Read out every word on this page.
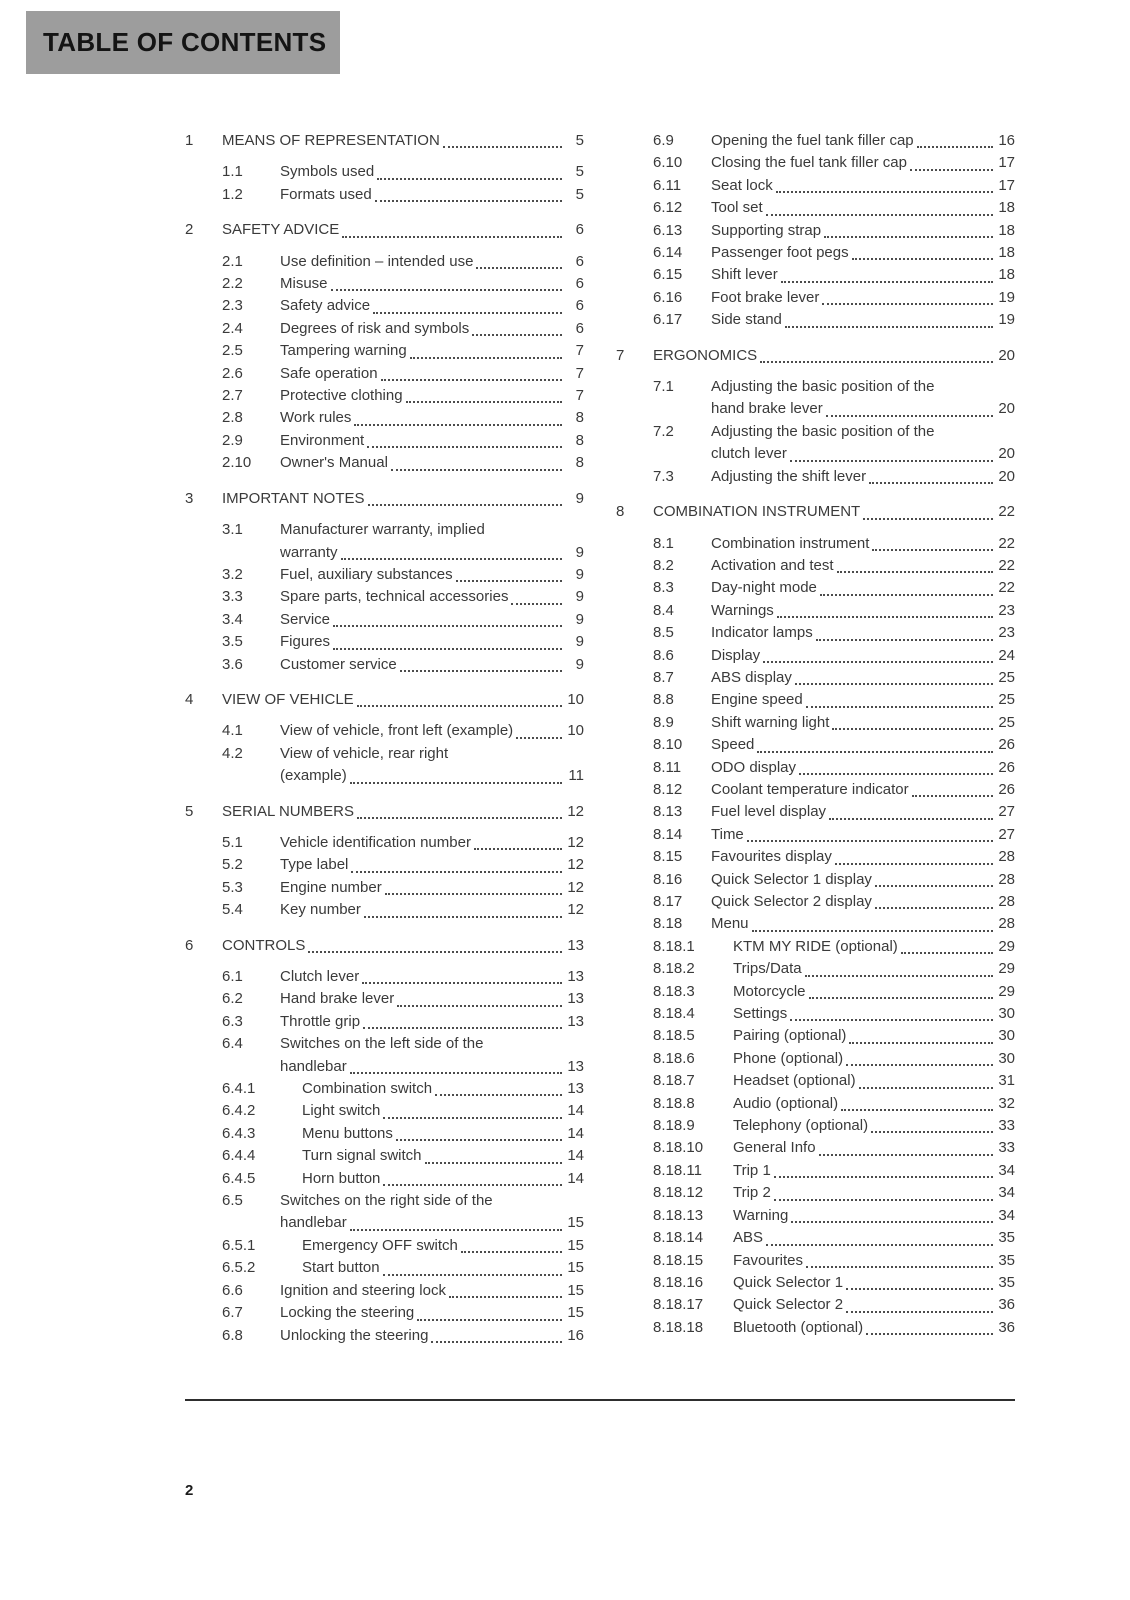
TABLE OF CONTENTS
1	MEANS OF REPRESENTATION	5
1.1	Symbols used	5
1.2	Formats used	5
2	SAFETY ADVICE	6
2.1	Use definition – intended use	6
2.2	Misuse	6
2.3	Safety advice	6
2.4	Degrees of risk and symbols	6
2.5	Tampering warning	7
2.6	Safe operation	7
2.7	Protective clothing	7
2.8	Work rules	8
2.9	Environment	8
2.10	Owner's Manual	8
3	IMPORTANT NOTES	9
3.1	Manufacturer warranty, implied
warranty	9
3.2	Fuel, auxiliary substances	9
3.3	Spare parts, technical accessories	9
3.4	Service	9
3.5	Figures	9
3.6	Customer service	9
4	VIEW OF VEHICLE	10
4.1	View of vehicle, front left (example)	10
4.2	View of vehicle, rear right
(example)	11
5	SERIAL NUMBERS	12
5.1	Vehicle identification number	12
5.2	Type label	12
5.3	Engine number	12
5.4	Key number	12
6	CONTROLS	13
6.1	Clutch lever	13
6.2	Hand brake lever	13
6.3	Throttle grip	13
6.4	Switches on the left side of the
handlebar	13
6.4.1	Combination switch	13
6.4.2	Light switch	14
6.4.3	Menu buttons	14
6.4.4	Turn signal switch	14
6.4.5	Horn button	14
6.5	Switches on the right side of the
handlebar	15
6.5.1	Emergency OFF switch	15
6.5.2	Start button	15
6.6	Ignition and steering lock	15
6.7	Locking the steering	15
6.8	Unlocking the steering	16
6.9	Opening the fuel tank filler cap	16
6.10	Closing the fuel tank filler cap	17
6.11	Seat lock	17
6.12	Tool set	18
6.13	Supporting strap	18
6.14	Passenger foot pegs	18
6.15	Shift lever	18
6.16	Foot brake lever	19
6.17	Side stand	19
7	ERGONOMICS	20
7.1	Adjusting the basic position of the
hand brake lever	20
7.2	Adjusting the basic position of the
clutch lever	20
7.3	Adjusting the shift lever	20
8	COMBINATION INSTRUMENT	22
8.1	Combination instrument	22
8.2	Activation and test	22
8.3	Day-night mode	22
8.4	Warnings	23
8.5	Indicator lamps	23
8.6	Display	24
8.7	ABS display	25
8.8	Engine speed	25
8.9	Shift warning light	25
8.10	Speed	26
8.11	ODO display	26
8.12	Coolant temperature indicator	26
8.13	Fuel level display	27
8.14	Time	27
8.15	Favourites display	28
8.16	Quick Selector 1 display	28
8.17	Quick Selector 2 display	28
8.18	Menu	28
8.18.1	KTM MY RIDE (optional)	29
8.18.2	Trips/Data	29
8.18.3	Motorcycle	29
8.18.4	Settings	30
8.18.5	Pairing (optional)	30
8.18.6	Phone (optional)	30
8.18.7	Headset (optional)	31
8.18.8	Audio (optional)	32
8.18.9	Telephony (optional)	33
8.18.10	General Info	33
8.18.11	Trip 1	34
8.18.12	Trip 2	34
8.18.13	Warning	34
8.18.14	ABS	35
8.18.15	Favourites	35
8.18.16	Quick Selector 1	35
8.18.17	Quick Selector 2	36
8.18.18	Bluetooth (optional)	36
2
